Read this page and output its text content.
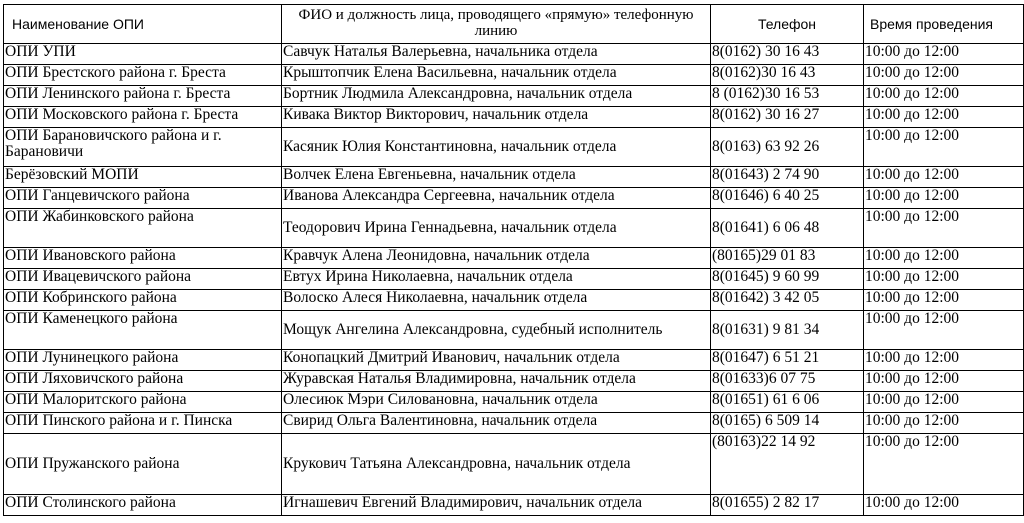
Наименование ОПИ	ФИО и должность лица, проводящего «прямую» телефонную линию	Телефон	Время проведения
ОПИ УПИ	Савчук Наталья Валерьевна, начальника отдела	8(0162) 30 16 43	10:00 до 12:00
ОПИ Брестского района г. Бреста	Крыштопчик Елена Васильевна, начальник отдела	8(0162)30 16 43	10:00 до 12:00
ОПИ Ленинского района г. Бреста	Бортник Людмила Александровна, начальник отдела	8 (0162)30 16 53	10:00 до 12:00
ОПИ Московского района г. Бреста	Кивака Виктор Викторович, начальник отдела	8(0162) 30 16 27	10:00 до 12:00
ОПИ Барановичского района и г. Барановичи	Касяник Юлия Константиновна, начальник отдела	8(0163) 63 92 26	10:00 до 12:00
Берёзовский МОПИ	Волчек Елена Евгеньевна, начальник отдела	8(01643) 2 74 90	10:00 до 12:00
ОПИ Ганцевичского района	Иванова Александра Сергеевна, начальник отдела	8(01646) 6 40 25	10:00 до 12:00
ОПИ Жабинковского района	Теодорович Ирина Геннадьевна, начальник отдела	8(01641) 6 06 48	10:00 до 12:00
ОПИ Ивановского района	Кравчук Алена Леонидовна, начальник отдела	(80165)29 01 83	10:00 до 12:00
ОПИ Ивацевичского района	Евтух Ирина Николаевна, начальник отдела	8(01645) 9 60 99	10:00 до 12:00
ОПИ Кобринского района	Волоско Алеся Николаевна, начальник отдела	8(01642) 3 42 05	10:00 до 12:00
ОПИ Каменецкого района	Мощук Ангелина Александровна, судебный исполнитель	8(01631) 9 81 34	10:00 до 12:00
ОПИ Лунинецкого района	Конопацкий Дмитрий Иванович, начальник отдела	8(01647) 6 51 21	10:00 до 12:00
ОПИ Ляховичского района	Журавская Наталья Владимировна, начальник отдела	8(01633)6 07 75	10:00 до 12:00
ОПИ Малоритского района	Олесиюк Мэри Силовановна, начальник отдела	8(01651) 61 6 06	10:00 до 12:00
ОПИ Пинского района и г. Пинска	Свирид Ольга Валентиновна, начальник отдела	8(0165) 6 509 14	10:00 до 12:00
ОПИ Пружанского района	Крукович Татьяна Александровна, начальник отдела	(80163)22 14 92	10:00 до 12:00
ОПИ Столинского района	Игнашевич Евгений Владимирович, начальник отдела	8(01655) 2 82 17	10:00 до 12:00
